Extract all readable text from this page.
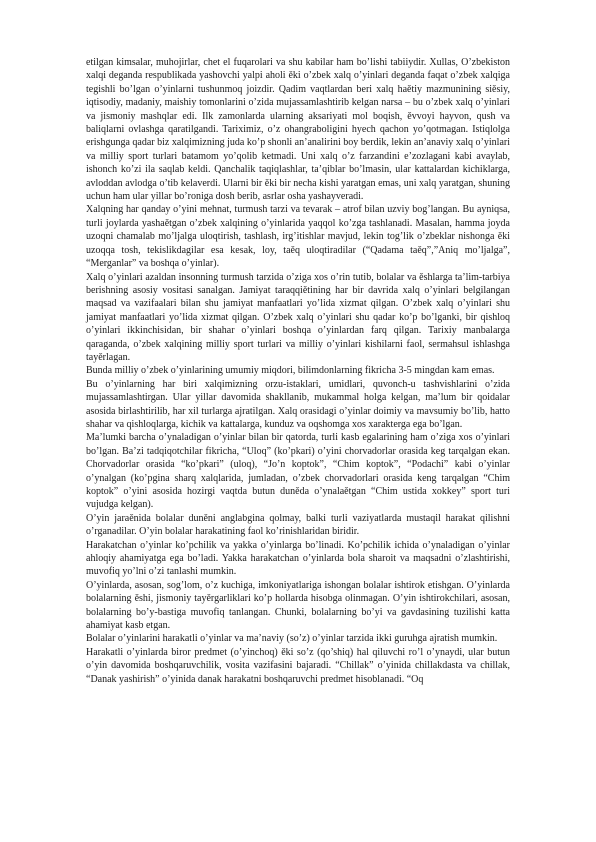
etilgan kimsalar, muhojirlar, chet el fuqarolari va shu kabilar ham bo’lishi tabiiydir. Xullas, O’zbekiston xalqi deganda respublikada yashovchi yalpi aholi ěki o’zbek xalq o’yinlari deganda faqat o’zbek xalqiga tegishli bo’lgan o’yinlarni tushunmoq joizdir. Qadim vaqtlardan beri xalq haětiy mazmunining siěsiy, iqtisodiy, madaniy, maishiy tomonlarini o’zida mujassamlashtirib kelgan narsa – bu o’zbek xalq o’yinlari va jismoniy mashqlar edi. Ilk zamonlarda ularning aksariyati mol boqish, ěvvoyi hayvon, qush va baliqlarni ovlashga qaratilgandi. Tariximiz, o’z ohangraboligini hyech qachon yo’qotmagan. Istiqlolga erishgunga qadar biz xalqimizning juda ko’p shonli an’analirini boy berdik, lekin an’anaviy xalq o’yinlari va milliy sport turlari batamom yo’qolib ketmadi. Uni xalq o’z farzandini e’zozlagani kabi avaylab, ishonch ko’zi ila saqlab keldi. Qanchalik taqiqlashlar, ta’qiblar bo’lmasin, ular kattalardan kichiklarga, avloddan avlodga o’tib kelaverdi. Ularni bir ěki bir necha kishi yaratgan emas, uni xalq yaratgan, shuning uchun ham ular yillar bo’roniga dosh berib, asrlar osha yashayveradi.

Xalqning har qanday o’yini mehnat, turmush tarzi va tevarak – atrof bilan uzviy bog’langan. Bu ayniqsa, turli joylarda yashaětgan o’zbek xalqining o’yinlarida yaqqol ko’zga tashlanadi. Masalan, hamma joyda uzoqni chamalab mo’ljalga uloqtirish, tashlash, irg’itishlar mavjud, lekin tog’lik o’zbeklar nishonga ěki uzoqqa tosh, tekislikdagilar esa kesak, loy, taěq uloqtiradilar (“Qadama taěq”,”Aniq mo’ljalga”, “Merganlar” va boshqa o’yinlar).

Xalq o’yinlari azaldan insonning turmush tarzida o’ziga xos o’rin tutib, bolalar va ěshlarga ta’lim-tarbiya berishning asosiy vositasi sanalgan. Jamiyat taraqqiětining har bir davrida xalq o’yinlari belgilangan maqsad va vazifaalari bilan shu jamiyat manfaatlari yo’lida xizmat qilgan. O’zbek xalq o’yinlari shu jamiyat manfaatlari yo’lida xizmat qilgan. O’zbek xalq o’yinlari shu qadar ko’p bo’lganki, bir qishloq o’yinlari ikkinchisidan, bir shahar o’yinlari boshqa o’yinlardan farq qilgan. Tarixiy manbalarga qaraganda, o’zbek xalqining milliy sport turlari va milliy o’yinlari kishilarni faol, sermahsul ishlashga tayěrlagan.

Bunda milliy o’zbek o’yinlarining umumiy miqdori, bilimdonlarning fikricha 3-5 mingdan kam emas.

Bu o’yinlarning har biri xalqimizning orzu-istaklari, umidlari, quvonch-u tashvishlarini o’zida mujassamlashtirgan. Ular yillar davomida shakllanib, mukammal holga kelgan, ma’lum bir qoidalar asosida birlashtirilib, har xil turlarga ajratilgan. Xalq orasidagi o’yinlar doimiy va mavsumiy bo’lib, hatto shahar va qishloqlarga, kichik va kattalarga, kunduz va oqshomga xos xarakterga ega bo’lgan.

Ma’lumki barcha o’ynaladigan o’yinlar bilan bir qatorda, turli kasb egalarining ham o’ziga xos o’yinlari bo’lgan. Ba’zi tadqiqotchilar fikricha, “Uloq” (ko’pkari) o’yini chorvadorlar orasida keg tarqalgan ekan. Chorvadorlar orasida “ko’pkari” (uloq), “Jo’n koptok”, “Chim koptok”, “Podachi” kabi o’yinlar o’ynalgan (ko’pgina sharq xalqlarida, jumladan, o’zbek chorvadorlari orasida keng tarqalgan “Chim koptok” o’yini asosida hozirgi vaqtda butun duněda o’ynalaětgan “Chim ustida xokkey” sport turi vujudga kelgan).

O’yin jaraěnida bolalar duněni anglabgina qolmay, balki turli vaziyatlarda mustaqil harakat qilishni o’rganadilar. O’yin bolalar harakatining faol ko’rinishlaridan biridir.

Harakatchan o’yinlar ko’pchilik va yakka o’yinlarga bo’linadi. Ko’pchilik ichida o’ynaladigan o’yinlar ahloqiy ahamiyatga ega bo’ladi. Yakka harakatchan o’yinlarda bola sharoit va maqsadni o’zlashtirishi, muvofiq yo’lni o’zi tanlashi mumkin.

O’yinlarda, asosan, sog’lom, o’z kuchiga, imkoniyatlariga ishongan bolalar ishtirok etishgan. O’yinlarda bolalarning ěshi, jismoniy tayěrgarliklari ko’p hollarda hisobga olinmagan. O’yin ishtirokchilari, asosan, bolalarning bo’y-bastiga muvofiq tanlangan. Chunki, bolalarning bo’yi va gavdasining tuzilishi katta ahamiyat kasb etgan.

Bolalar o’yinlarini harakatli o’yinlar va ma’naviy (so’z) o’yinlar tarzida ikki guruhga ajratish mumkin.

Harakatli o’yinlarda biror predmet (o’yinchoq) ěki so’z (qo’shiq) hal qiluvchi ro’l o’ynaydi, ular butun o’yin davomida boshqaruvchilik, vosita vazifasini bajaradi. “Chillak” o’yinida chillakdasta va chillak, “Danak yashirish” o’yinida danak harakatni boshqaruvchi predmet hisoblanadi. “Oq
